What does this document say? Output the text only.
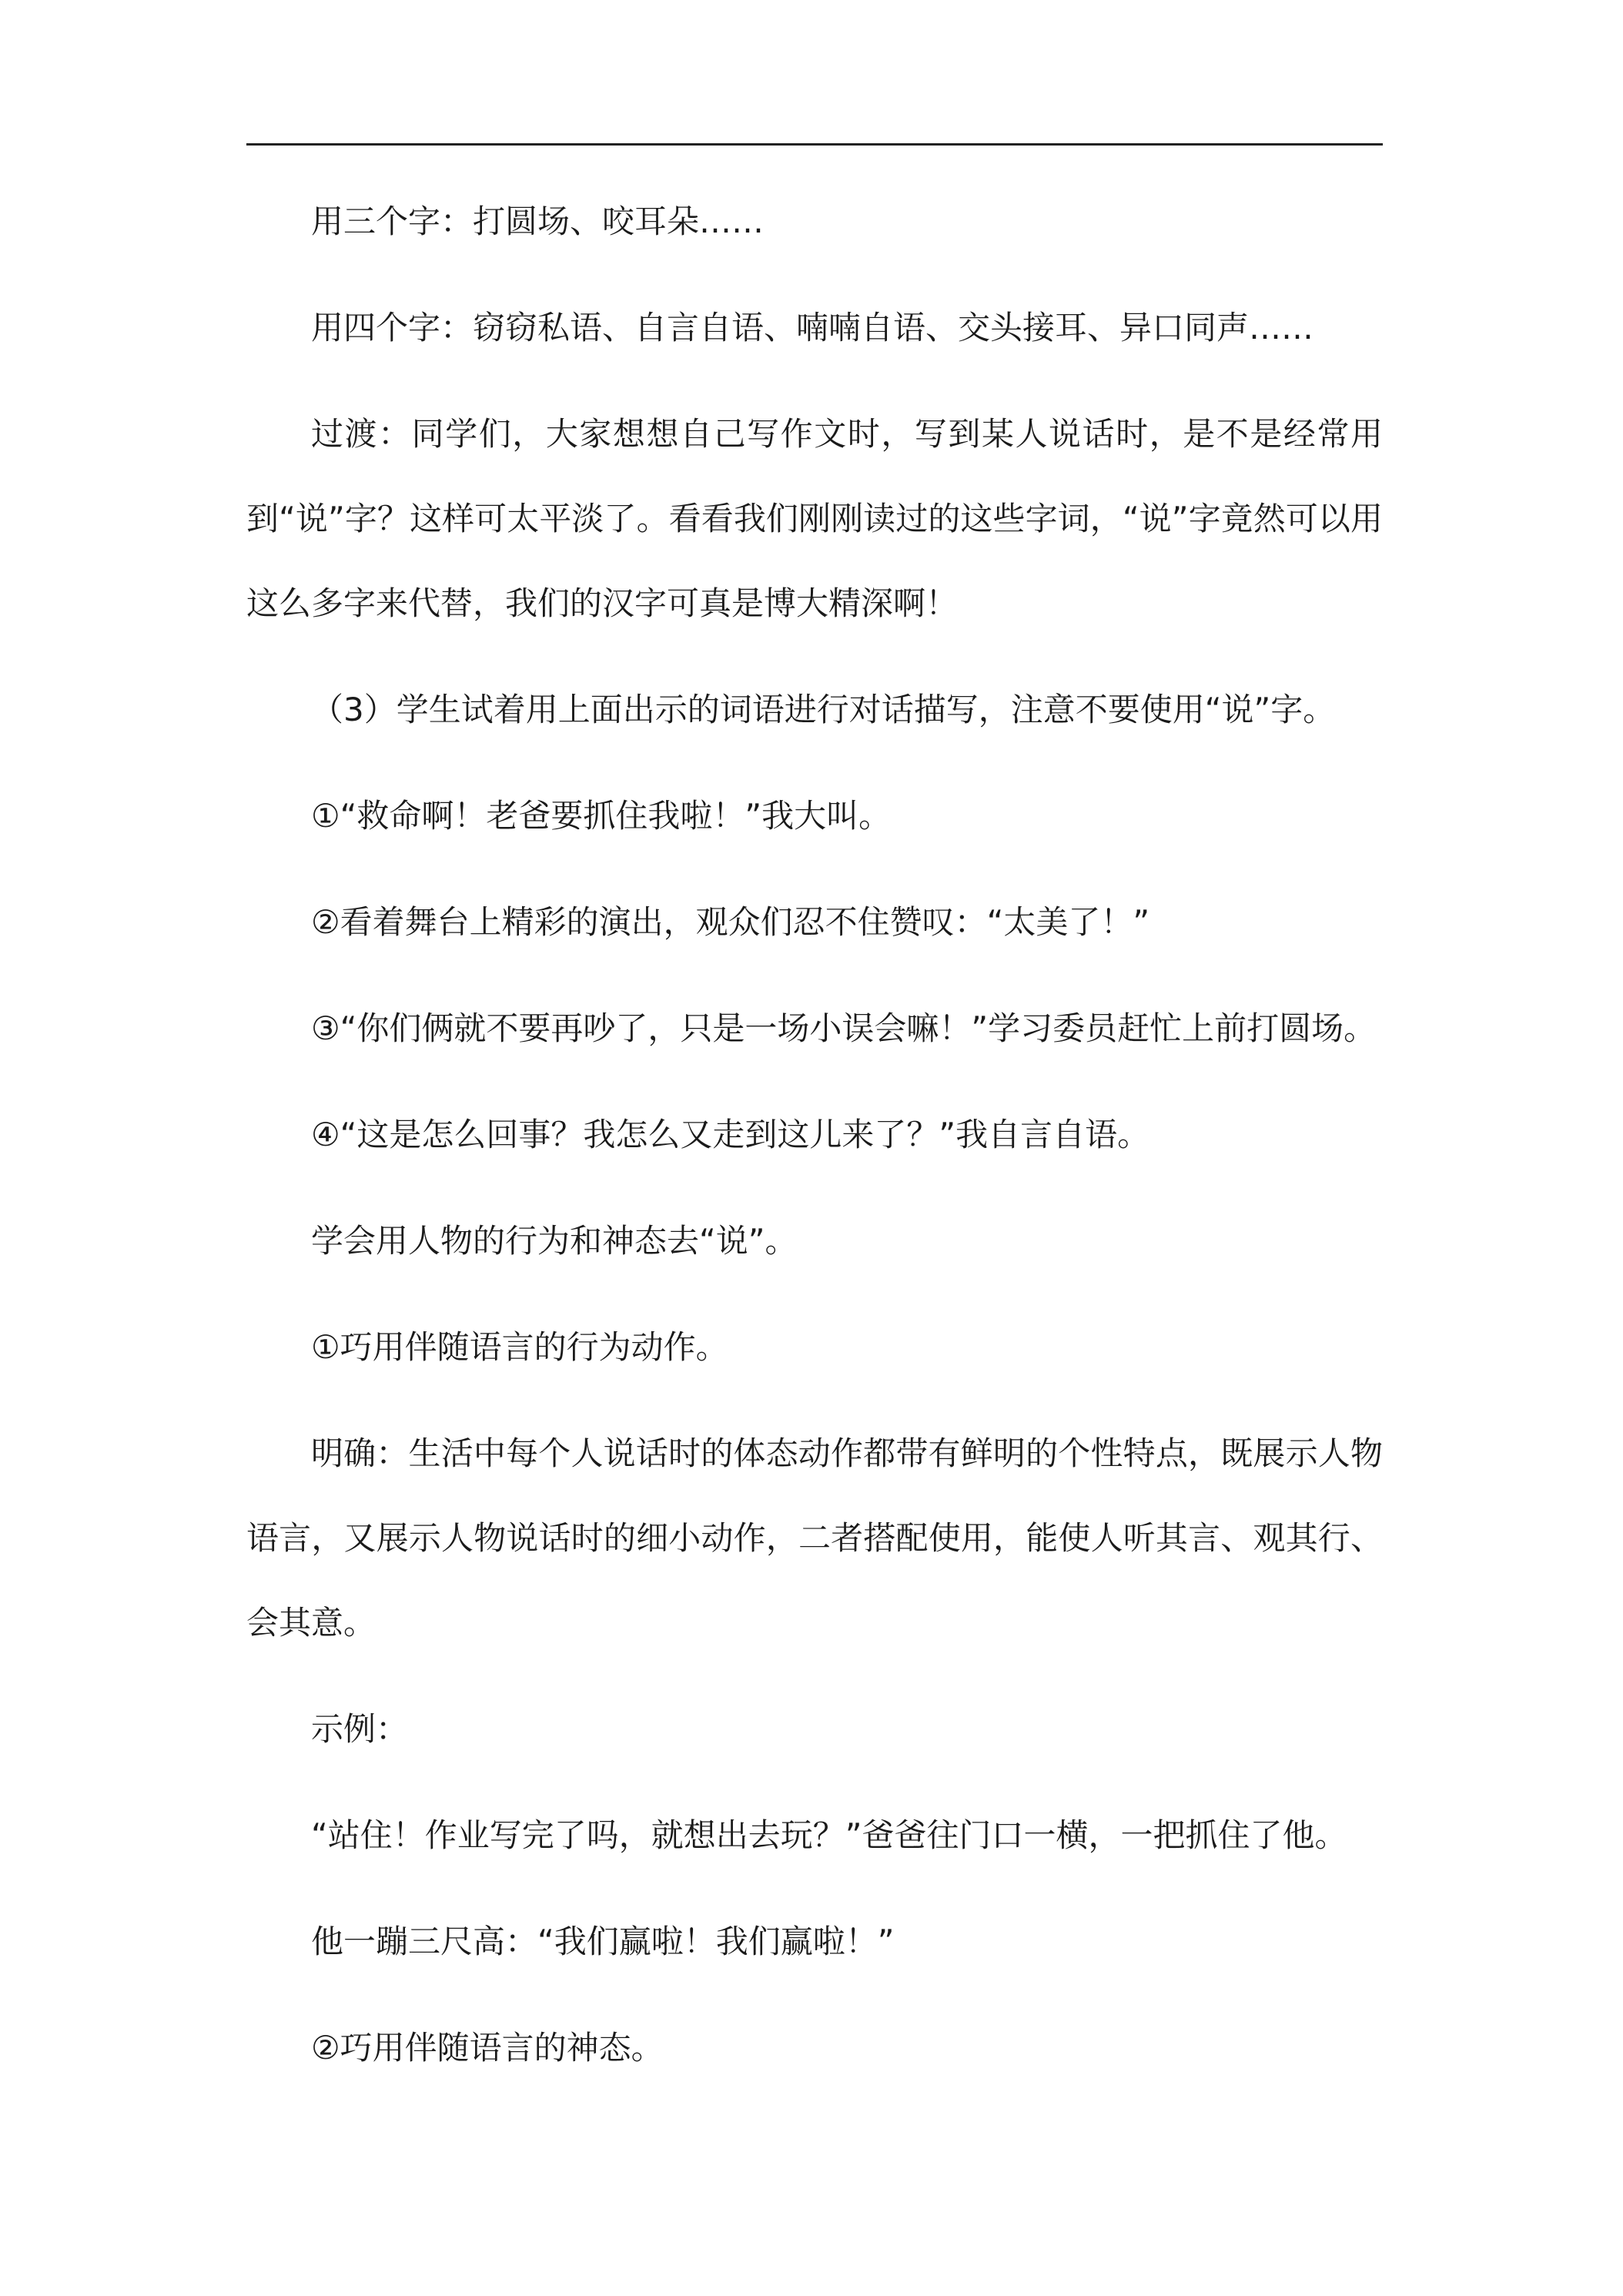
用三个字：打圆场、咬耳朵……

用四个字：窃窃私语、自言自语、喃喃自语、交头接耳、异口同声……

过渡：同学们，大家想想自己写作文时，写到某人说话时，是不是经常用到“说”字？这样可太平淡了。看看我们刚刚读过的这些字词，“说”字竟然可以用这么多字来代替，我们的汉字可真是博大精深啊！

（3）学生试着用上面出示的词语进行对话描写，注意不要使用“说”字。

①“救命啊！老爸要抓住我啦！”我大叫。

②看着舞台上精彩的演出，观众们忍不住赞叹：“太美了！”

③“你们俩就不要再吵了，只是一场小误会嘛！”学习委员赶忙上前打圆场。

④“这是怎么回事？我怎么又走到这儿来了？”我自言自语。

学会用人物的行为和神态去“说”。

①巧用伴随语言的行为动作。

明确：生活中每个人说话时的体态动作都带有鲜明的个性特点，既展示人物语言，又展示人物说话时的细小动作，二者搭配使用，能使人听其言、观其行、会其意。

示例：

“站住！作业写完了吗，就想出去玩？”爸爸往门口一横，一把抓住了他。

他一蹦三尺高：“我们赢啦！我们赢啦！”

②巧用伴随语言的神态。
